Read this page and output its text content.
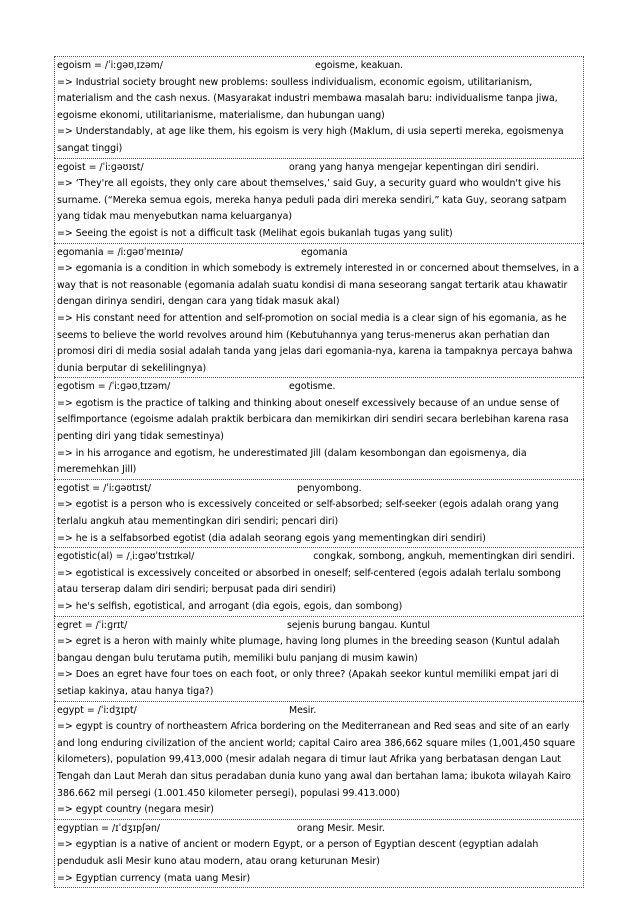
egoism = /ˈiːɡəʊˌɪzəm/	egoisme, keakuan.
=> Industrial society brought new problems: soulless individualism, economic egoism, utilitarianism, materialism and the cash nexus. (Masyarakat industri membawa masalah baru: individualisme tanpa jiwa, egoisme ekonomi, utilitarianisme, materialisme, dan hubungan uang)
=> Understandably, at age like them, his egoism is very high (Maklum, di usia seperti mereka, egoismenya sangat tinggi)
egoist = /ˈiːɡəʊɪst/	orang yang hanya mengejar kepentingan diri sendiri.
=> ‘They're all egoists, they only care about themselves,’ said Guy, a security guard who wouldn't give his surname. (“Mereka semua egois, mereka hanya peduli pada diri mereka sendiri,” kata Guy, seorang satpam yang tidak mau menyebutkan nama keluarganya)
=> Seeing the egoist is not a difficult task (Melihat egois bukanlah tugas yang sulit)
egomania = /iːɡəʊˈmeɪnɪə/	egomania
=> egomania is a condition in which somebody is extremely interested in or concerned about themselves, in a way that is not reasonable (egomania adalah suatu kondisi di mana seseorang sangat tertarik atau khawatir dengan dirinya sendiri, dengan cara yang tidak masuk akal)
=> His constant need for attention and self-promotion on social media is a clear sign of his egomania, as he seems to believe the world revolves around him (Kebutuhannya yang terus-menerus akan perhatian dan promosi diri di media sosial adalah tanda yang jelas dari egomania-nya, karena ia tampaknya percaya bahwa dunia berputar di sekelilingnya)
egotism = /ˈiːɡəʊˌtɪzəm/	egotisme.
=> egotism is the practice of talking and thinking about oneself excessively because of an undue sense of selfimportance (egoisme adalah praktik berbicara dan memikirkan diri sendiri secara berlebihan karena rasa penting diri yang tidak semestinya)
=> in his arrogance and egotism, he underestimated Jill (dalam kesombongan dan egoismenya, dia meremehkan Jill)
egotist = /ˈiːɡəʊtɪst/	penyombong.
=> egotist is a person who is excessively conceited or self-absorbed; self-seeker (egois adalah orang yang terlalu angkuh atau mementingkan diri sendiri; pencari diri)
=> he is a selfabsorbed egotist (dia adalah seorang egois yang mementingkan diri sendiri)
egotistic(al) = /ˌiːɡəʊˈtɪstɪkəl/	congkak, sombong, angkuh, mementingkan diri sendiri.
=> egotistical is excessively conceited or absorbed in oneself; self-centered (egois adalah terlalu sombong atau terserap dalam diri sendiri; berpusat pada diri sendiri)
=> he's selfish, egotistical, and arrogant (dia egois, egois, dan sombong)
egret = /ˈiːɡrɪt/	sejenis burung bangau. Kuntul
=> egret is a heron with mainly white plumage, having long plumes in the breeding season (Kuntul adalah bangau dengan bulu terutama putih, memiliki bulu panjang di musim kawin)
=> Does an egret have four toes on each foot, or only three? (Apakah seekor kuntul memiliki empat jari di setiap kakinya, atau hanya tiga?)
egypt = /ˈiːdʒɪpt/	Mesir.
=> egypt is country of northeastern Africa bordering on the Mediterranean and Red seas and site of an early and long enduring civilization of the ancient world; capital Cairo area 386,662 square miles (1,001,450 square kilometers), population 99,413,000 (mesir adalah negara di timur laut Afrika yang berbatasan dengan Laut Tengah dan Laut Merah dan situs peradaban dunia kuno yang awal dan bertahan lama; ibukota wilayah Kairo 386.662 mil persegi (1.001.450 kilometer persegi), populasi 99.413.000)
=> egypt country (negara mesir)
egyptian = /ɪˈdʒɪpʃən/	orang Mesir. Mesir.
=> egyptian is a native of ancient or modern Egypt, or a person of Egyptian descent (egyptian adalah penduduk asli Mesir kuno atau modern, atau orang keturunan Mesir)
=> Egyptian currency (mata uang Mesir)
